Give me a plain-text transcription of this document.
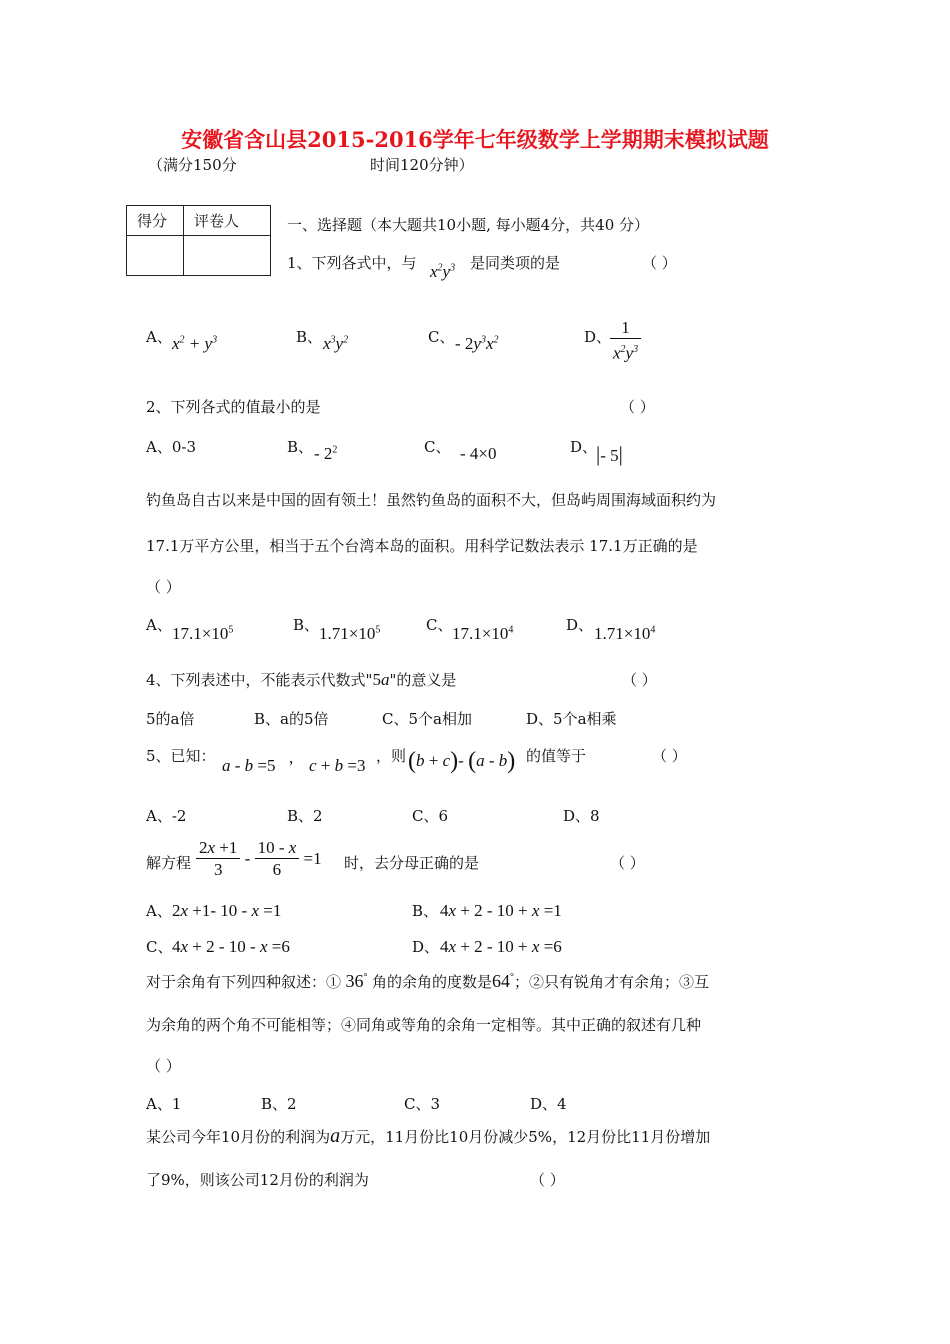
安徽省含山县2015-2016学年七年级数学上学期期末模拟试题
（满分150分	时间120分钟）
得分	评卷人
		一、选择题（本大题共10小题, 每小题4分，共40 分）
1、下列各式中，与 $x^2y^3$ 是同类项的是	（ ）
A、 $x^2 + y^3$	B、 $x^3y^2$	C、 - $2y^3x^2$	D、
$\frac{1}{x^2y^3}$
2、下列各式的值最小的是	（ ）
A、0-3	B、 - $2^2$	C、 - 4×0	D、
|- 5|
钓鱼岛自古以来是中国的固有领土！虽然钓鱼岛的面积不大，但岛屿周围海域面积约为
17.1万平方公里，相当于五个台湾本岛的面积。用科学记数法表示 17.1万正确的是
（ ）
A、 $17.1\times 10^5$	B、 $1.71\times 10^5$	C、 $17.1\times 10^4$	D、 $1.71\times 10^4$
4、下列表述中，不能表示代数式"5a"的意义是	（ ）
5的a倍	B、a的5倍	C、5个a相加	D、5个a相乘
5、已知： a - b =5 , c + b =3 ，则 (b + c)- (a - b) 的值等于	（ ）
A、-2	B、2	C、6	D、8
解方程 $\frac{2x +1}{3} - \frac{10 - x}{6} =1$ 时，去分母正确的是	（ ）
A、 2x +1- 10 - x =1	B、 4x + 2 - 10 + x =1
C、 4x + 2 - 10 - x =6	D、 4x + 2 - 10 + x =6
对于余角有下列四种叙述：① 36° 角的余角的度数是64°；②只有锐角才有余角；③互
为余角的两个角不可能相等；④同角或等角的余角一定相等。其中正确的叙述有几种
（ ）
A、1	B、2	C、3	D、4
某公司今年10月份的利润为a万元，11月份比10月份减少5%，12月份比11月份增加
了9%，则该公司12月份的利润为	（ ）
